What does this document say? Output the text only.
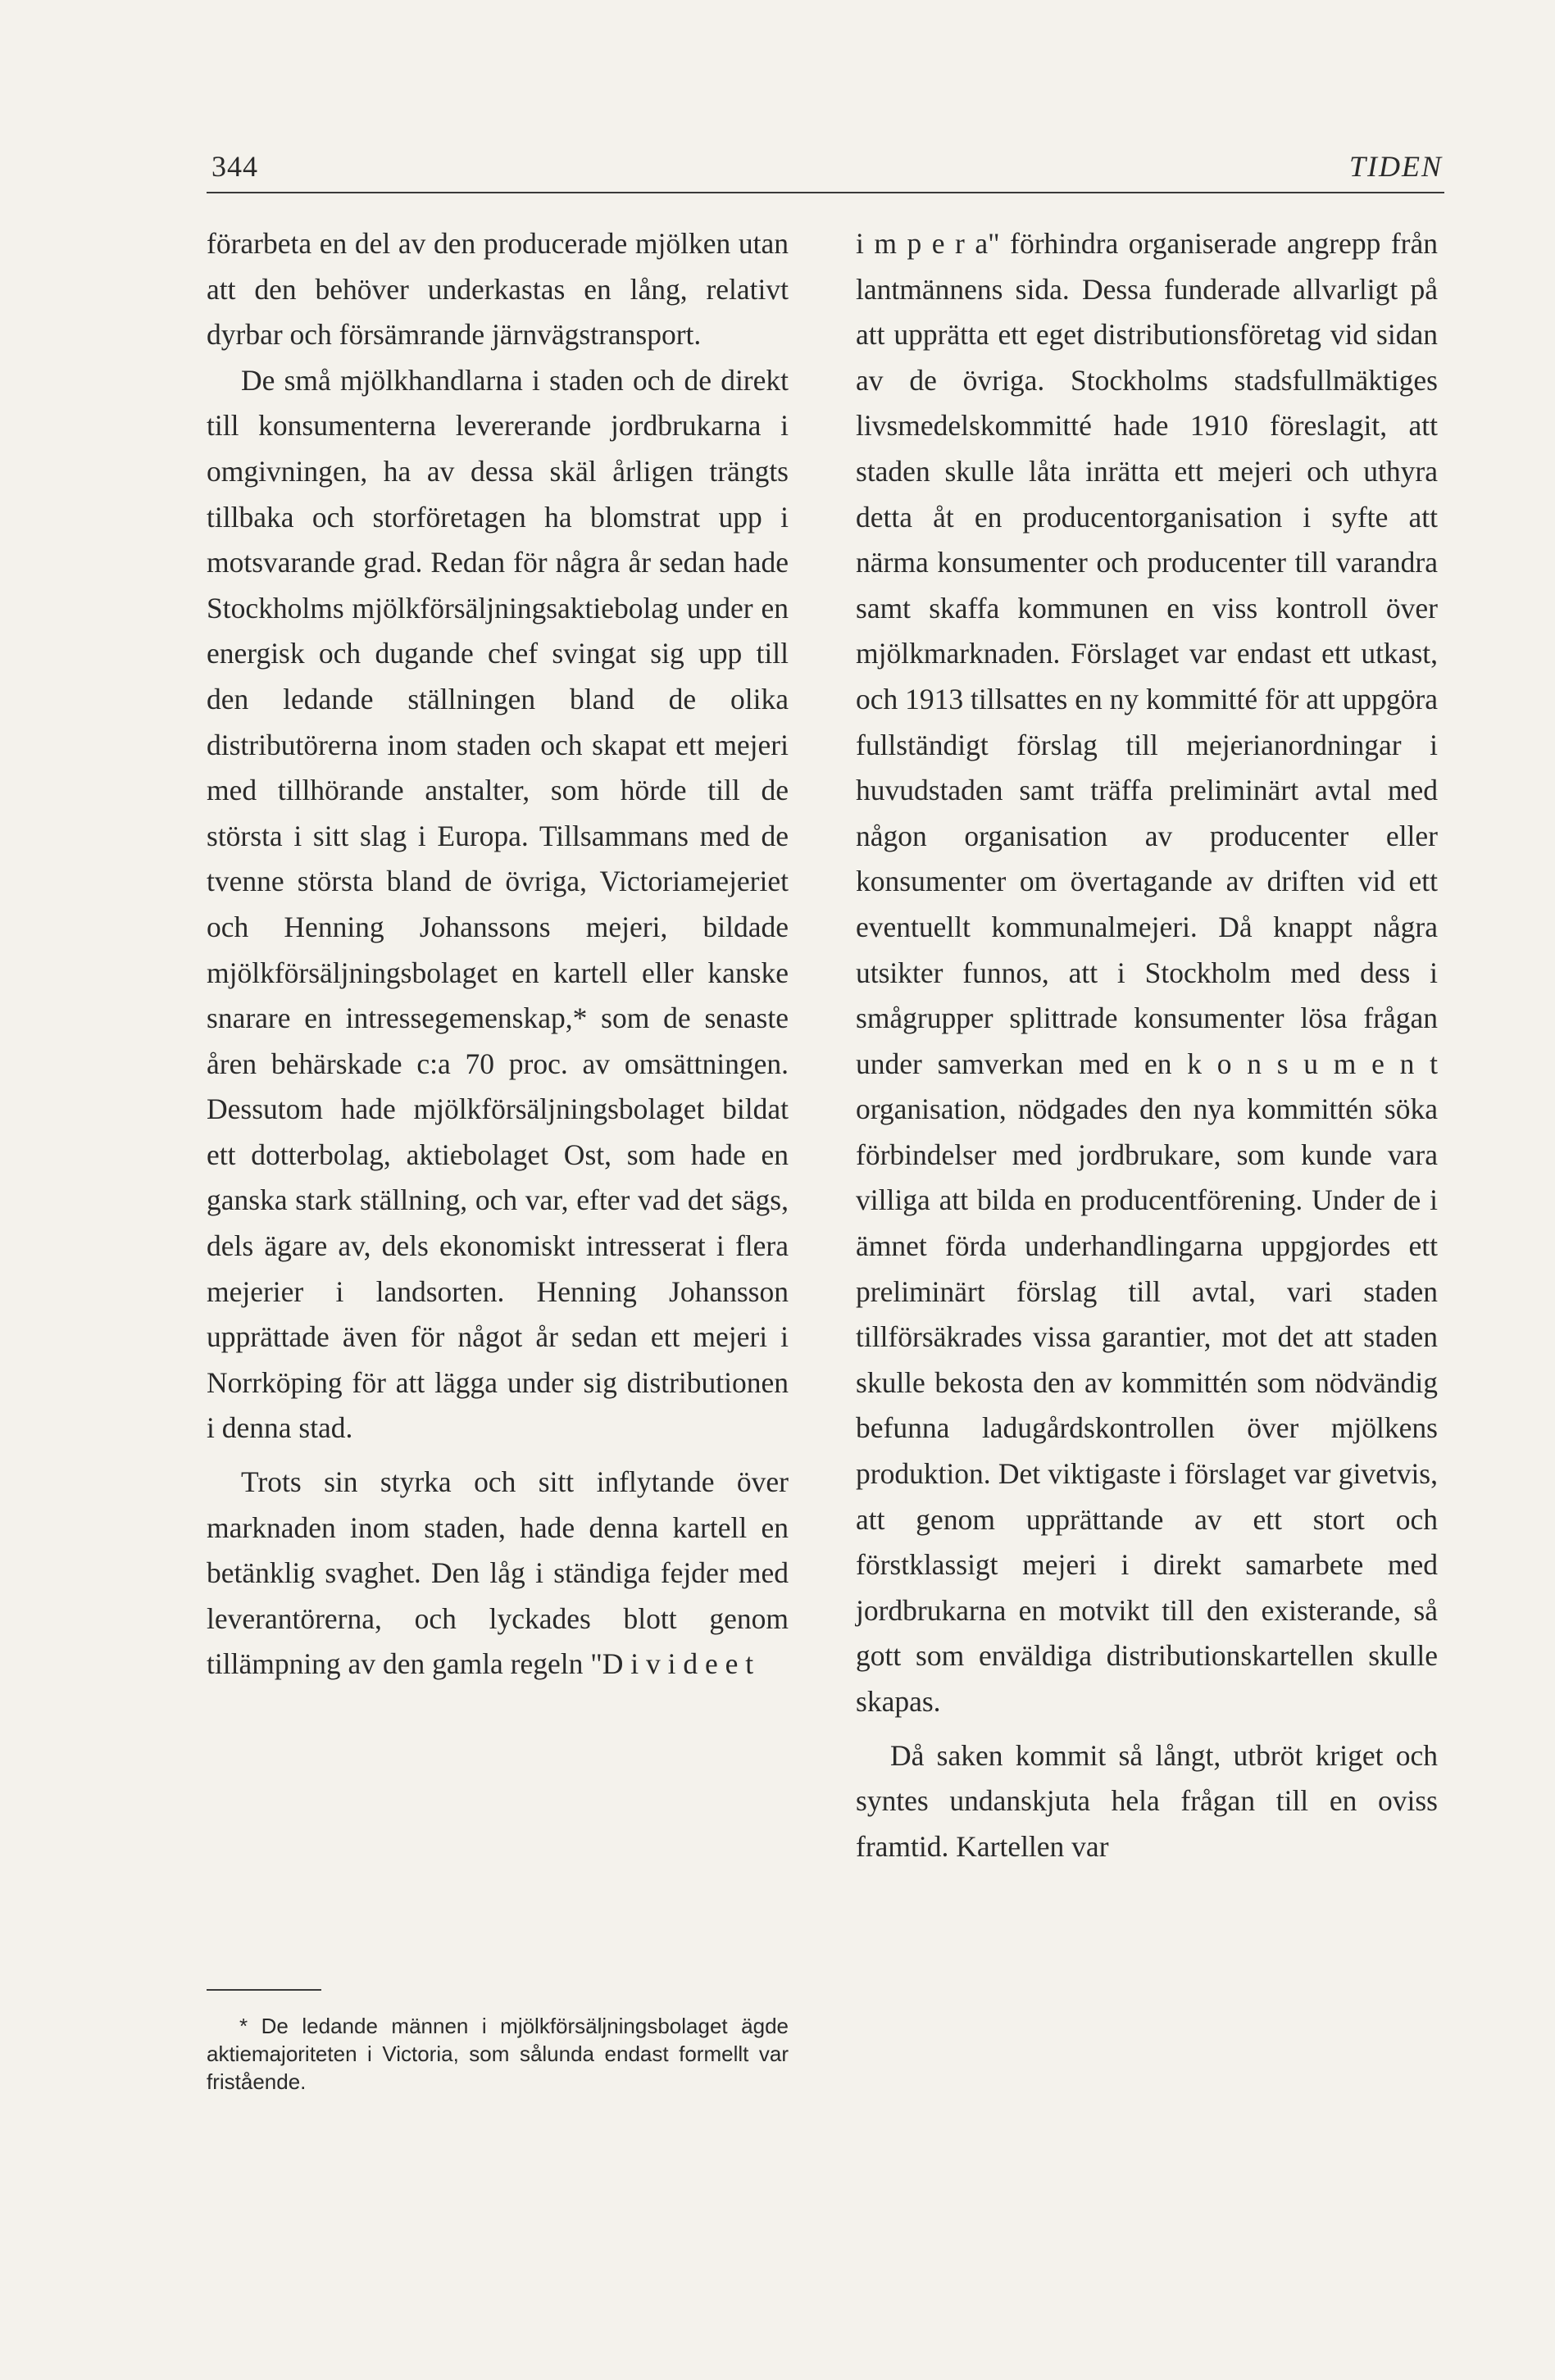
344	TIDEN

förarbeta en del av den producerade mjölken utan att den behöver underkastas en lång, relativt dyrbar och försämrande järnvägstransport.

De små mjölkhandlarna i staden och de direkt till konsumenterna levererande jordbrukarna i omgivningen, ha av dessa skäl årligen trängts tillbaka och storföretagen ha blomstrat upp i motsvarande grad. Redan för några år sedan hade Stockholms mjölkförsäljningsaktiebolag under en energisk och dugande chef svingat sig upp till den ledande ställningen bland de olika distributörerna inom staden och skapat ett mejeri med tillhörande anstalter, som hörde till de största i sitt slag i Europa. Tillsammans med de tvenne största bland de övriga, Victoriamejeriet och Henning Johanssons mejeri, bildade mjölkförsäljningsbolaget en kartell eller kanske snarare en intressegemenskap,* som de senaste åren behärskade c:a 70 proc. av omsättningen. Dessutom hade mjölkförsäljningsbolaget bildat ett dotterbolag, aktiebolaget Ost, som hade en ganska stark ställning, och var, efter vad det sägs, dels ägare av, dels ekonomiskt intresserat i flera mejerier i landsorten. Henning Johansson upprättade även för något år sedan ett mejeri i Norrköping för att lägga under sig distributionen i denna stad.

Trots sin styrka och sitt inflytande över marknaden inom staden, hade denna kartell en betänklig svaghet. Den låg i ständiga fejder med leverantörerna, och lyckades blott genom tillämpning av den gamla regeln "D i v i d e e t

* De ledande männen i mjölkförsäljningsbolaget ägde aktiemajoriteten i Victoria, som sålunda endast formellt var fristående.

i m p e r a" förhindra organiserade angrepp från lantmännens sida. Dessa funderade allvarligt på att upprätta ett eget distributionsföretag vid sidan av de övriga. Stockholms stadsfullmäktiges livsmedelskommitté hade 1910 föreslagit, att staden skulle låta inrätta ett mejeri och uthyra detta åt en producentorganisation i syfte att närma konsumenter och producenter till varandra samt skaffa kommunen en viss kontroll över mjölkmarknaden. Förslaget var endast ett utkast, och 1913 tillsattes en ny kommitté för att uppgöra fullständigt förslag till mejerianordningar i huvudstaden samt träffa preliminärt avtal med någon organisation av producenter eller konsumenter om övertagande av driften vid ett eventuellt kommunalmejeri. Då knappt några utsikter funnos, att i Stockholm med dess i smågrupper splittrade konsumenter lösa frågan under samverkan med en k o n s u m e n t organisation, nödgades den nya kommittén söka förbindelser med jordbrukare, som kunde vara villiga att bilda en producentförening. Under de i ämnet förda underhandlingarna uppgjordes ett preliminärt förslag till avtal, vari staden tillförsäkrades vissa garantier, mot det att staden skulle bekosta den av kommittén som nödvändig befunna ladugårdskontrollen över mjölkens produktion. Det viktigaste i förslaget var givetvis, att genom upprättande av ett stort och förstklassigt mejeri i direkt samarbete med jordbrukarna en motvikt till den existerande, så gott som enväldiga distributionskartellen skulle skapas.

Då saken kommit så långt, utbröt kriget och syntes undanskjuta hela frågan till en oviss framtid. Kartellen var
